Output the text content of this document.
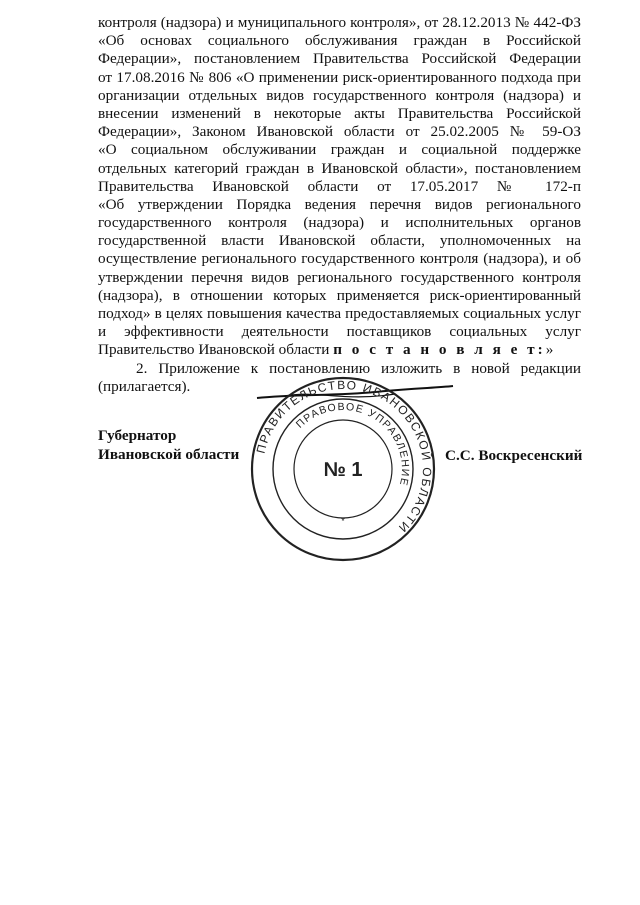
контроля (надзора) и муниципального контроля», от 28.12.2013 № 442-ФЗ
«Об основах социального обслуживания граждан в Российской
Федерации», постановлением Правительства Российской Федерации
от 17.08.2016 № 806 «О применении риск-ориентированного подхода при
организации отдельных видов государственного контроля (надзора) и
внесении изменений в некоторые акты Правительства Российской
Федерации», Законом Ивановской области от 25.02.2005 № 59-ОЗ
«О социальном обслуживании граждан и социальной поддержке
отдельных категорий граждан в Ивановской области», постановлением
Правительства Ивановской области от 17.05.2017 № 172-п
«Об утверждении Порядка ведения перечня видов регионального
государственного контроля (надзора) и исполнительных органов
государственной власти Ивановской области, уполномоченных на
осуществление регионального государственного контроля (надзора), и об
утверждении перечня видов регионального государственного контроля
(надзора), в отношении которых применяется риск-ориентированный
подход» в целях повышения качества предоставляемых социальных услуг
и эффективности деятельности поставщиков социальных услуг
Правительство Ивановской области п о с т а н о в л я е т:»
2. Приложение к постановлению изложить в новой редакции
(прилагается).
Губернатор
Ивановской области ПРАВИТЕЛЬСТВО ИВАНОВСКОЙ ОБЛАСТИ
ПРАВОВОЕ УПРАВЛЕНИЕ
№ 1
*
С.С. Воскресенский
